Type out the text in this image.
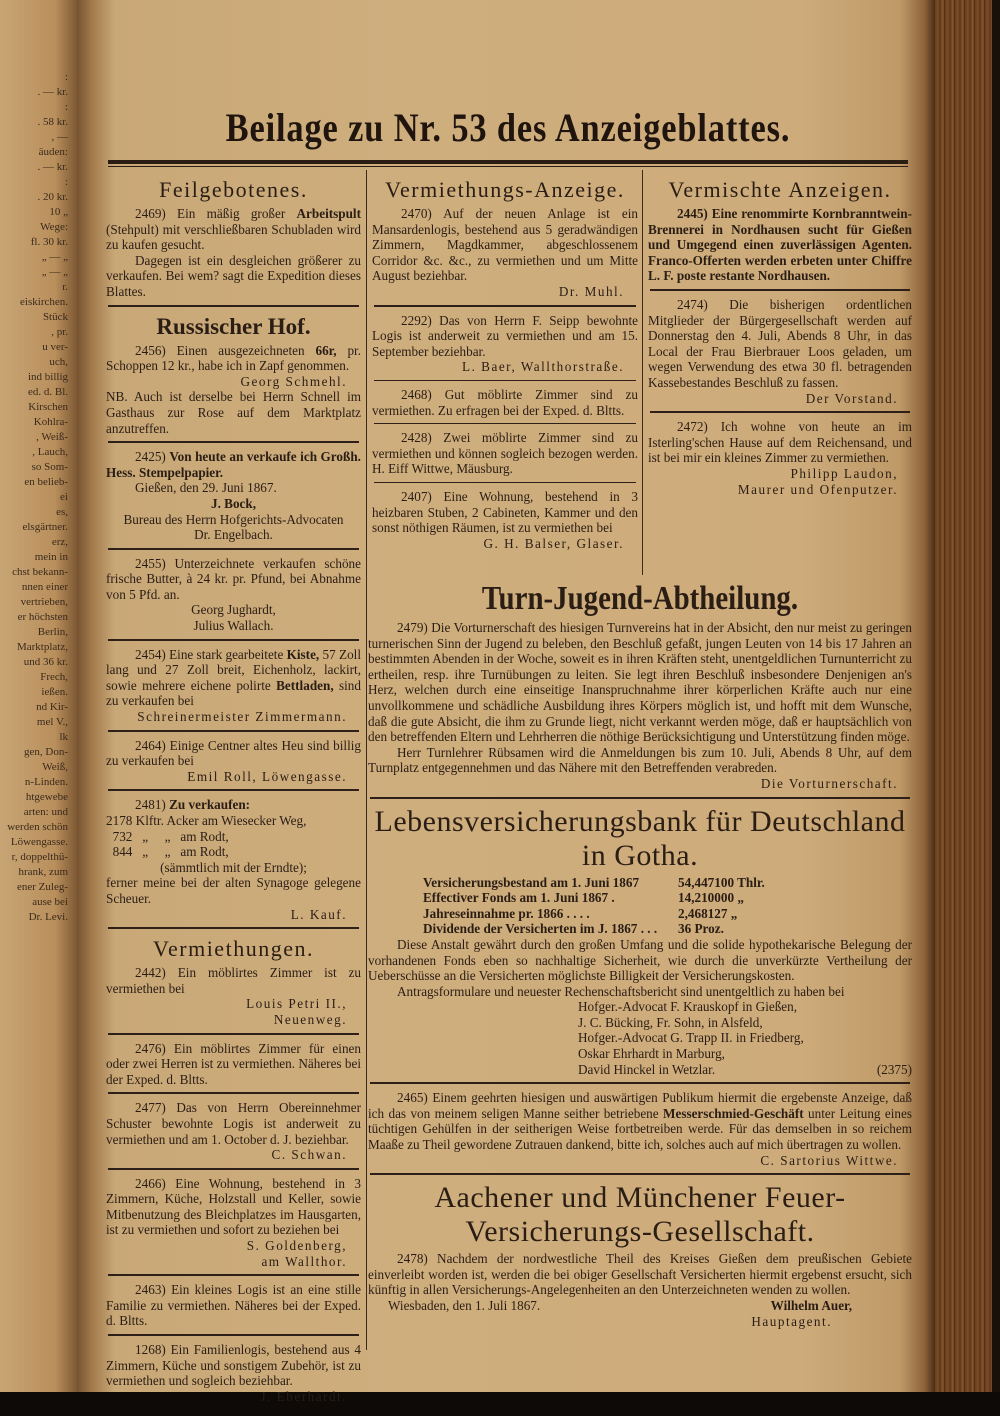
:
. — kr.
:
. 58 kr.
, —
äuden:
. — kr.
:
. 20 kr.
10 „
Wege:
fl. 30 kr.
„ — „
„ — „
r.
eiskirchen.
Stück
, pr.
u ver-
uch,
ind billig
ed. d. Bl.
Kirschen
Kohlra-
, Weiß-
, Lauch,
so Som-
en belieb-
ei
es,
elsgärtner.
erz,
mein in
chst bekann-
nnen einer
vertrieben,
er höchsten
Berlin,
Marktplatz,
und 36 kr.
Frech,
ießen.
nd Kir-
mel V.,
lk
gen, Don-
Weiß,
n-Linden.
htgewebe
arten: und
werden schön
Löwengasse.
r, doppelthü-
hrank, zum
ener Zuleg-
ause bei
Dr. Levi.
Beilage zu Nr. 53 des Anzeigeblattes.
Feilgebotenes.

2469) Ein mäßig großer Arbeitspult (Stehpult) mit verschließbaren Schubladen wird zu kaufen gesucht.

Dagegen ist ein desgleichen größerer zu verkaufen. Bei wem? sagt die Expedition dieses Blattes.

Russischer Hof.

2456) Einen ausgezeichneten 66r, pr. Schoppen 12 kr., habe ich in Zapf genommen.

Georg Schmehl.

NB. Auch ist derselbe bei Herrn Schnell im Gasthaus zur Rose auf dem Marktplatz anzutreffen.

2425) Von heute an verkaufe ich Großh. Hess. Stempelpapier.

Gießen, den 29. Juni 1867.

J. Bock,
Bureau des Herrn Hofgerichts-Advocaten
Dr. Engelbach.

2455) Unterzeichnete verkaufen schöne frische Butter, à 24 kr. pr. Pfund, bei Abnahme von 5 Pfd. an.

Georg Jughardt,
Julius Wallach.

2454) Eine stark gearbeitete Kiste, 57 Zoll lang und 27 Zoll breit, Eichenholz, lackirt, sowie mehrere eichene polirte Bettladen, sind zu verkaufen bei

Schreinermeister Zimmermann.

2464) Einige Centner altes Heu sind billig zu verkaufen bei

Emil Roll, Löwengasse.

2481) Zu verkaufen:

2178 Klftr. Acker am Wiesecker Weg,
732   „     „   am Rodt,
844   „     „   am Rodt,
(sämmtlich mit der Erndte);

ferner meine bei der alten Synagoge gelegene Scheuer.

L. Kauf.
Vermiethungen.

2442) Ein möblirtes Zimmer ist zu vermiethen bei

Louis Petri II.,
Neuenweg.

2476) Ein möblirtes Zimmer für einen oder zwei Herren ist zu vermiethen. Näheres bei der Exped. d. Bltts.

2477) Das von Herrn Obereinnehmer Schuster bewohnte Logis ist anderweit zu vermiethen und am 1. October d. J. beziehbar.

C. Schwan.

2466) Eine Wohnung, bestehend in 3 Zimmern, Küche, Holzstall und Keller, sowie Mitbenutzung des Bleichplatzes im Hausgarten, ist zu vermiethen und sofort zu beziehen bei

S. Goldenberg,
am Wallthor.

2463) Ein kleines Logis ist an eine stille Familie zu vermiethen. Näheres bei der Exped. d. Bltts.

1268) Ein Familienlogis, bestehend aus 4 Zimmern, Küche und sonstigem Zubehör, ist zu vermiethen und sogleich beziehbar.

J. Eberhardt.
Vermiethungs-Anzeige.

2470) Auf der neuen Anlage ist ein Mansardenlogis, bestehend aus 5 geradwändigen Zimmern, Magdkammer, abgeschlossenem Corridor &c. &c., zu vermiethen und um Mitte August beziehbar.

Dr. Muhl.

2292) Das von Herrn F. Seipp bewohnte Logis ist anderweit zu vermiethen und am 15. September beziehbar.

L. Baer, Wallthorstraße.

2468) Gut möblirte Zimmer sind zu vermiethen. Zu erfragen bei der Exped. d. Bltts.

2428) Zwei möblirte Zimmer sind zu vermiethen und können sogleich bezogen werden. H. Eiff Wittwe, Mäusburg.

2407) Eine Wohnung, bestehend in 3 heizbaren Stuben, 2 Cabineten, Kammer und den sonst nöthigen Räumen, ist zu vermiethen bei

G. H. Balser, Glaser.
Vermischte Anzeigen.

2445) Eine renommirte Kornbranntwein-Brennerei in Nordhausen sucht für Gießen und Umgegend einen zuverlässigen Agenten. Franco-Offerten werden erbeten unter Chiffre L. F. poste restante Nordhausen.

2474) Die bisherigen ordentlichen Mitglieder der Bürgergesellschaft werden auf Donnerstag den 4. Juli, Abends 8 Uhr, in das Local der Frau Bierbrauer Loos geladen, um wegen Verwendung des etwa 30 fl. betragenden Kassebestandes Beschluß zu fassen.

Der Vorstand.

2472) Ich wohne von heute an im Isterling'schen Hause auf dem Reichensand, und ist bei mir ein kleines Zimmer zu vermiethen.

Philipp Laudon,
Maurer und Ofenputzer.
Turn-Jugend-Abtheilung.

2479) Die Vorturnerschaft des hiesigen Turnvereins hat in der Absicht, den nur meist zu geringen turnerischen Sinn der Jugend zu beleben, den Beschluß gefaßt, jungen Leuten von 14 bis 17 Jahren an bestimmten Abenden in der Woche, soweit es in ihren Kräften steht, unentgeldlichen Turnunterricht zu ertheilen, resp. ihre Turnübungen zu leiten. Sie legt ihren Beschluß insbesondere Denjenigen an's Herz, welchen durch eine einseitige Inanspruchnahme ihrer körperlichen Kräfte auch nur eine unvollkommene und schädliche Ausbildung ihres Körpers möglich ist, und hofft mit dem Wunsche, daß die gute Absicht, die ihm zu Grunde liegt, nicht verkannt werden möge, daß er hauptsächlich von den betreffenden Eltern und Lehrherren die nöthige Berücksichtigung und Unterstützung finden möge.

Herr Turnlehrer Rübsamen wird die Anmeldungen bis zum 10. Juli, Abends 8 Uhr, auf dem Turnplatz entgegennehmen und das Nähere mit den Betreffenden verabreden.

Die Vorturnerschaft.
Lebensversicherungsbank für Deutschland in Gotha.
Versicherungsbestand am 1. Juni 1867	54,447100 Thlr.
Effectiver Fonds am 1. Juni 1867 .	14,210000 „
Jahreseinnahme pr. 1866 . . . .	2,468127 „
Dividende der Versicherten im J. 1867 . . .	36 Proz.

Diese Anstalt gewährt durch den großen Umfang und die solide hypothekarische Belegung der vorhandenen Fonds eben so nachhaltige Sicherheit, wie durch die unverkürzte Vertheilung der Ueberschüsse an die Versicherten möglichste Billigkeit der Versicherungskosten.

Antragsformulare und neuester Rechenschaftsbericht sind unentgeltlich zu haben bei

Hofger.-Advocat F. Krauskopf in Gießen,
J. C. Bücking, Fr. Sohn, in Alsfeld,
Hofger.-Advocat G. Trapp II. in Friedberg,
Oskar Ehrhardt in Marburg,
David Hinckel in Wetzlar.	(2375)

2465) Einem geehrten hiesigen und auswärtigen Publikum hiermit die ergebenste Anzeige, daß ich das von meinem seligen Manne seither betriebene Messerschmied-Geschäft unter Leitung eines tüchtigen Gehülfen in der seitherigen Weise fortbetreiben werde. Für das demselben in so reichem Maaße zu Theil gewordene Zutrauen dankend, bitte ich, solches auch auf mich übertragen zu wollen.

C. Sartorius Wittwe.
Aachener und Münchener Feuer-Versicherungs-Gesellschaft.

2478) Nachdem der nordwestliche Theil des Kreises Gießen dem preußischen Gebiete einverleibt worden ist, werden die bei obiger Gesellschaft Versicherten hiermit ergebenst ersucht, sich künftig in allen Versicherungs-Angelegenheiten an den Unterzeichneten wenden zu wollen.

Wiesbaden, den 1. Juli 1867.	Wilhelm Auer,
Hauptagent.
